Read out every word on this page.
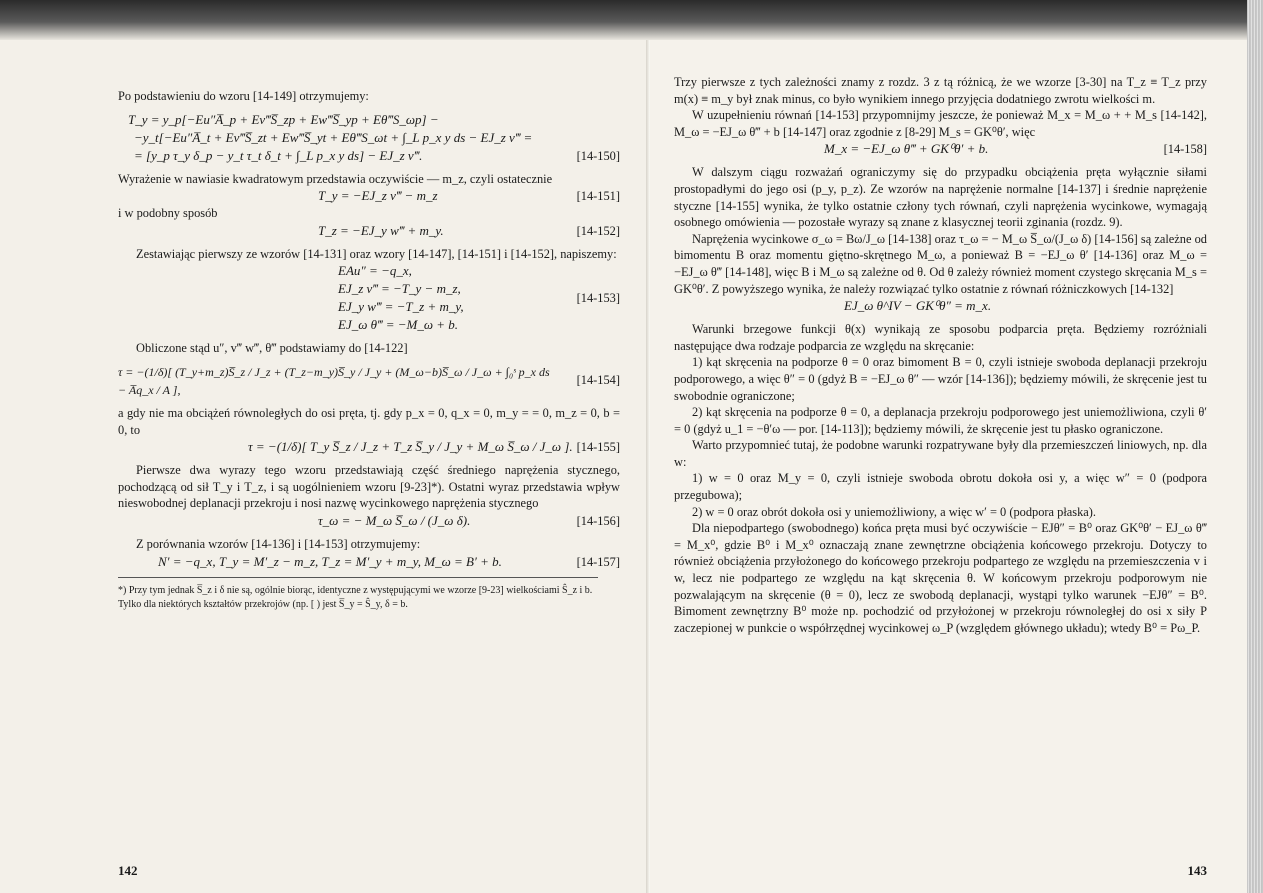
Po podstawieniu do wzoru [14-149] otrzymujemy:

T_y = y_p[−Eu″A̅_p + Ev‴S̅_zp + Ew‴S̅_yp + Eθ‴S_ωp] −
−y_t[−Eu″A̅_t + Ev‴S̅_zt + Ew‴S̅_yt + Eθ‴S_ωt + ∫_L p_x y ds − EJ_z v‴ =
= [y_p τ_y δ_p − y_t τ_t δ_t + ∫_L p_x y ds] − EJ_z v‴.	[14-150]

Wyrażenie w nawiasie kwadratowym przedstawia oczywiście — m_z, czyli ostatecznie

T_y = −EJ_z v‴ − m_z	[14-151]

i w podobny sposób

T_z = −EJ_y w‴ + m_y.	[14-152]

Zestawiając pierwszy ze wzorów [14-131] oraz wzory [14-147], [14-151] i [14-152], napiszemy:

EAu″ = −q_x,
EJ_z v‴ = −T_y − m_z,
EJ_y w‴ = −T_z + m_y,
EJ_ω θ‴ = −M_ω + b.
[14-153]

Obliczone stąd u″, v‴ w‴, θ‴ podstawiamy do [14-122]

τ = −(1/δ)[ (T_y+m_z)S̅_z / J_z + (T_z−m_y)S̅_y / J_y + (M_ω−b)S̅_ω / J_ω + ∫₀ˢ p_x ds − A̅q_x / A ],
[14-154]

a gdy nie ma obciążeń równoległych do osi pręta, tj. gdy p_x = 0, q_x = 0, m_y = = 0, m_z = 0, b = 0, to

τ = −(1/δ)[ T_y S̅_z / J_z + T_z S̅_y / J_y + M_ω S̅_ω / J_ω ]. [14-155]

Pierwsze dwa wyrazy tego wzoru przedstawiają część średniego naprężenia stycznego, pochodzącą od sił T_y i T_z, i są uogólnieniem wzoru [9-23]*). Ostatni wyraz przedstawia wpływ nieswobodnej deplanacji przekroju i nosi nazwę wycinkowego naprężenia stycznego

τ_ω = − M_ω S̅_ω / (J_ω δ).	[14-156]

Z porównania wzorów [14-136] i [14-153] otrzymujemy:

N′ = −q_x, T_y = M′_z − m_z, T_z = M′_y + m_y, M_ω = B′ + b.	[14-157]
*) Przy tym jednak S̅_z i δ nie są, ogólnie biorąc, identyczne z występującymi we wzorze [9-23] wielkościami Ŝ_z i b. Tylko dla niektórych kształtów przekrojów (np. [ ) jest S̅_y = Ŝ_y, δ = b.
142

Trzy pierwsze z tych zależności znamy z rozdz. 3 z tą różnicą, że we wzorze [3-30] na T_z ≡ T_z przy m(x) ≡ m_y był znak minus, co było wynikiem innego przyjęcia dodatniego zwrotu wielkości m.

W uzupełnieniu równań [14-153] przypomnijmy jeszcze, że ponieważ M_x = M_ω + + M_s [14-142], M_ω = −EJ_ω θ‴ + b [14-147] oraz zgodnie z [8-29] M_s = GK⁰θ′, więc

M_x = −EJ_ω θ‴ + GK⁰θ′ + b.	[14-158]

W dalszym ciągu rozważań ograniczymy się do przypadku obciążenia pręta wyłącznie siłami prostopadłymi do jego osi (p_y, p_z). Ze wzorów na naprężenie normalne [14-137] i średnie naprężenie styczne [14-155] wynika, że tylko ostatnie człony tych równań, czyli naprężenia wycinkowe, wymagają osobnego omówienia — pozostałe wyrazy są znane z klasycznej teorii zginania (rozdz. 9).

Naprężenia wycinkowe σ_ω = Bω/J_ω [14-138] oraz τ_ω = − M_ω S̅_ω/(J_ω δ) [14-156] są zależne od bimomentu B oraz momentu giętno-skrętnego M_ω, a ponieważ B = −EJ_ω θ′ [14-136] oraz M_ω = −EJ_ω θ‴ [14-148], więc B i M_ω są zależne od θ. Od θ zależy również moment czystego skręcania M_s = GK⁰θ′. Z powyższego wynika, że należy rozwiązać tylko ostatnie z równań różniczkowych [14-132]

EJ_ω θ^IV − GK⁰θ″ = m_x.

Warunki brzegowe funkcji θ(x) wynikają ze sposobu podparcia pręta. Będziemy rozróżniali następujące dwa rodzaje podparcia ze względu na skręcanie:

1) kąt skręcenia na podporze θ = 0 oraz bimoment B = 0, czyli istnieje swoboda deplanacji przekroju podporowego, a więc θ″ = 0 (gdyż B = −EJ_ω θ″ — wzór [14-136]); będziemy mówili, że skręcenie jest tu swobodnie ograniczone;

2) kąt skręcenia na podporze θ = 0, a deplanacja przekroju podporowego jest uniemożliwiona, czyli θ′ = 0 (gdyż u_1 = −θ′ω — por. [14-113]); będziemy mówili, że skręcenie jest tu płasko ograniczone.

Warto przypomnieć tutaj, że podobne warunki rozpatrywane były dla przemieszczeń liniowych, np. dla w:

1) w = 0 oraz M_y = 0, czyli istnieje swoboda obrotu dokoła osi y, a więc w″ = 0 (podpora przegubowa);

2) w = 0 oraz obrót dokoła osi y uniemożliwiony, a więc w′ = 0 (podpora płaska).

Dla niepodpartego (swobodnego) końca pręta musi być oczywiście − EJθ″ = B⁰ oraz GK⁰θ′ − EJ_ω θ‴ = M_x⁰, gdzie B⁰ i M_x⁰ oznaczają znane zewnętrzne obciążenia końcowego przekroju. Dotyczy to również obciążenia przyłożonego do końcowego przekroju podpartego ze względu na przemieszczenia v i w, lecz nie podpartego ze względu na kąt skręcenia θ. W końcowym przekroju podporowym nie pozwalającym na skręcenie (θ = 0), lecz ze swobodą deplanacji, wystąpi tylko warunek −EJθ″ = B⁰. Bimoment zewnętrzny B⁰ może np. pochodzić od przyłożonej w przekroju równoległej do osi x siły P zaczepionej w punkcie o współrzędnej wycinkowej ω_P (względem głównego układu); wtedy B⁰ = Pω_P.

143
